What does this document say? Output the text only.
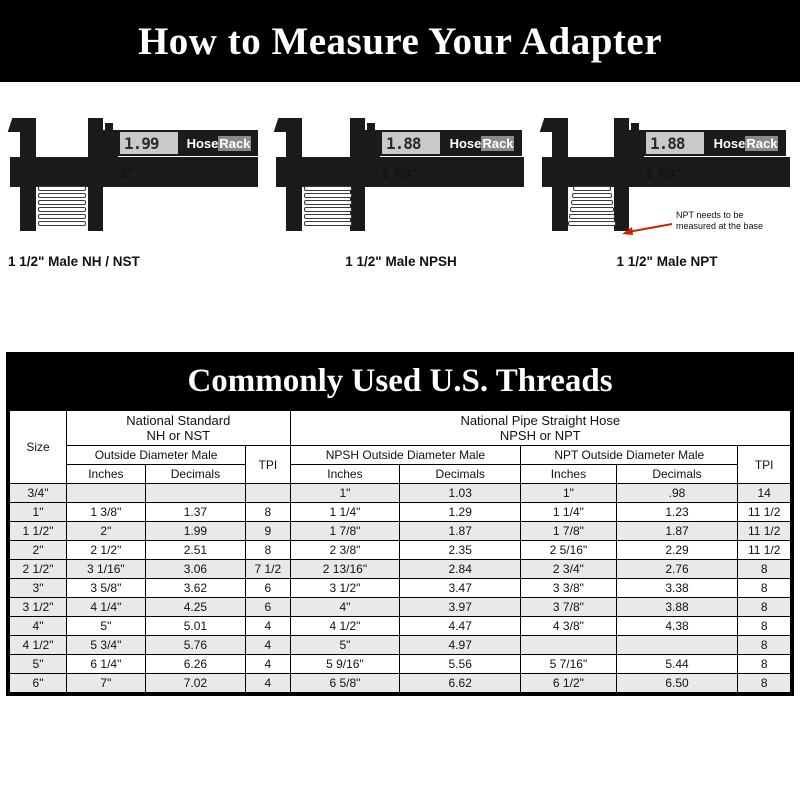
How to Measure Your Adapter
1.99 Hose Rack
2"
1 1/2" Male NH / NST
1.88 Hose Rack
1 7/8"
1 1/2" Male NPSH
1.88 Hose Rack
1 7/8"
NPT needs to be measured at the base
1 1/2" Male NPT
Commonly Used U.S. Threads
Size	
National Standard
NH or NST

National Pipe Straight Hose
NPSH or NPT

	Outside Diameter Male		TPI	NPSH Outside Diameter Male		NPT Outside Diameter Male		TPI
	Inches	Decimals		Inches	Decimals	Inches	Decimals	
3/4"				1"	1.03	1"	.98	14
1"	1 3/8"	1.37	8	1 1/4"	1.29	1 1/4"	1.23	11 1/2
1 1/2"	2"	1.99	9	1 7/8"	1.87	1 7/8"	1.87	11 1/2
2"	2 1/2"	2.51	8	2 3/8"	2.35	2 5/16"	2.29	11 1/2
2 1/2"	3 1/16"	3.06	7 1/2	2 13/16"	2.84	2 3/4"	2.76	8
3"	3 5/8"	3.62	6	3 1/2"	3.47	3 3/8"	3.38	8
3 1/2"	4 1/4"	4.25	6	4"	3.97	3 7/8"	3.88	8
4"	5"	5.01	4	4 1/2"	4.47	4 3/8"	4.38	8
4 1/2"	5 3/4"	5.76	4	5"	4.97			8
5"	6 1/4"	6.26	4	5 9/16"	5.56	5 7/16"	5.44	8
6"	7"	7.02	4	6 5/8"	6.62	6 1/2"	6.50	8
